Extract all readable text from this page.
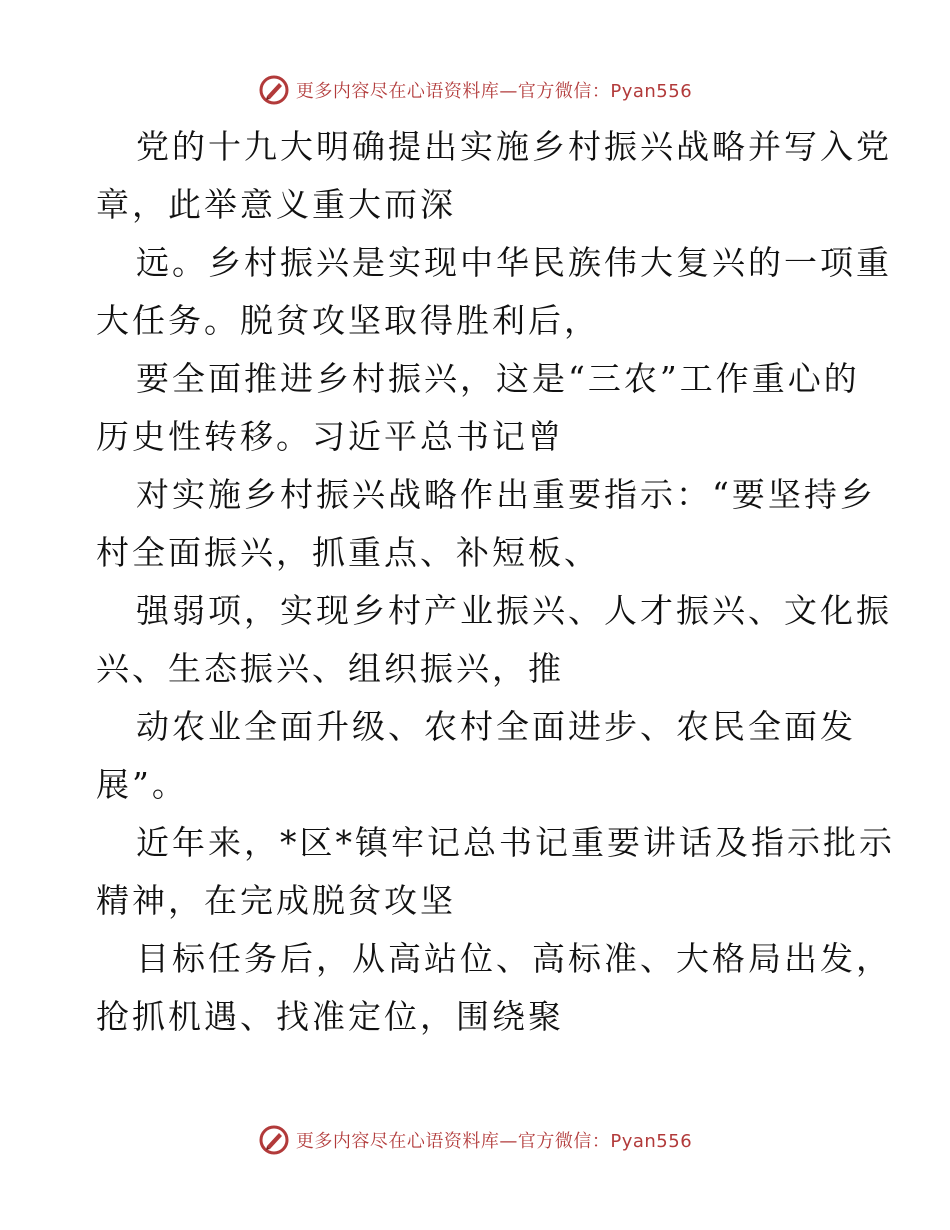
更多内容尽在心语资料库—官方微信：Pyan556
党的十九大明确提出实施乡村振兴战略并写入党
章，此举意义重大而深
远。乡村振兴是实现中华民族伟大复兴的一项重
大任务。脱贫攻坚取得胜利后，
要全面推进乡村振兴，这是“三农”工作重心的
历史性转移。习近平总书记曾
对实施乡村振兴战略作出重要指示：“要坚持乡
村全面振兴，抓重点、补短板、
强弱项，实现乡村产业振兴、人才振兴、文化振
兴、生态振兴、组织振兴，推
动农业全面升级、农村全面进步、农民全面发
展”。
近年来，*区*镇牢记总书记重要讲话及指示批示
精神，在完成脱贫攻坚
目标任务后，从高站位、高标准、大格局出发，
抢抓机遇、找准定位，围绕聚
更多内容尽在心语资料库—官方微信：Pyan556
